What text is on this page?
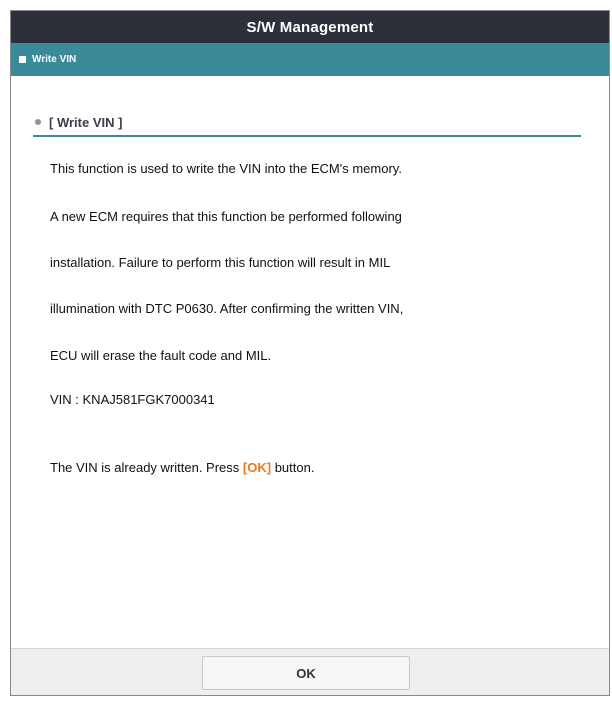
S/W Management
Write VIN
[ Write VIN ]
This function is used to write the VIN into the ECM's memory.
A new ECM requires that this function be performed following
installation. Failure to perform this function will result in MIL
illumination with DTC P0630. After confirming the written VIN,
ECU will erase the fault code and MIL.
VIN : KNAJ581FGK7000341
The VIN is already written. Press [OK] button.
OK
